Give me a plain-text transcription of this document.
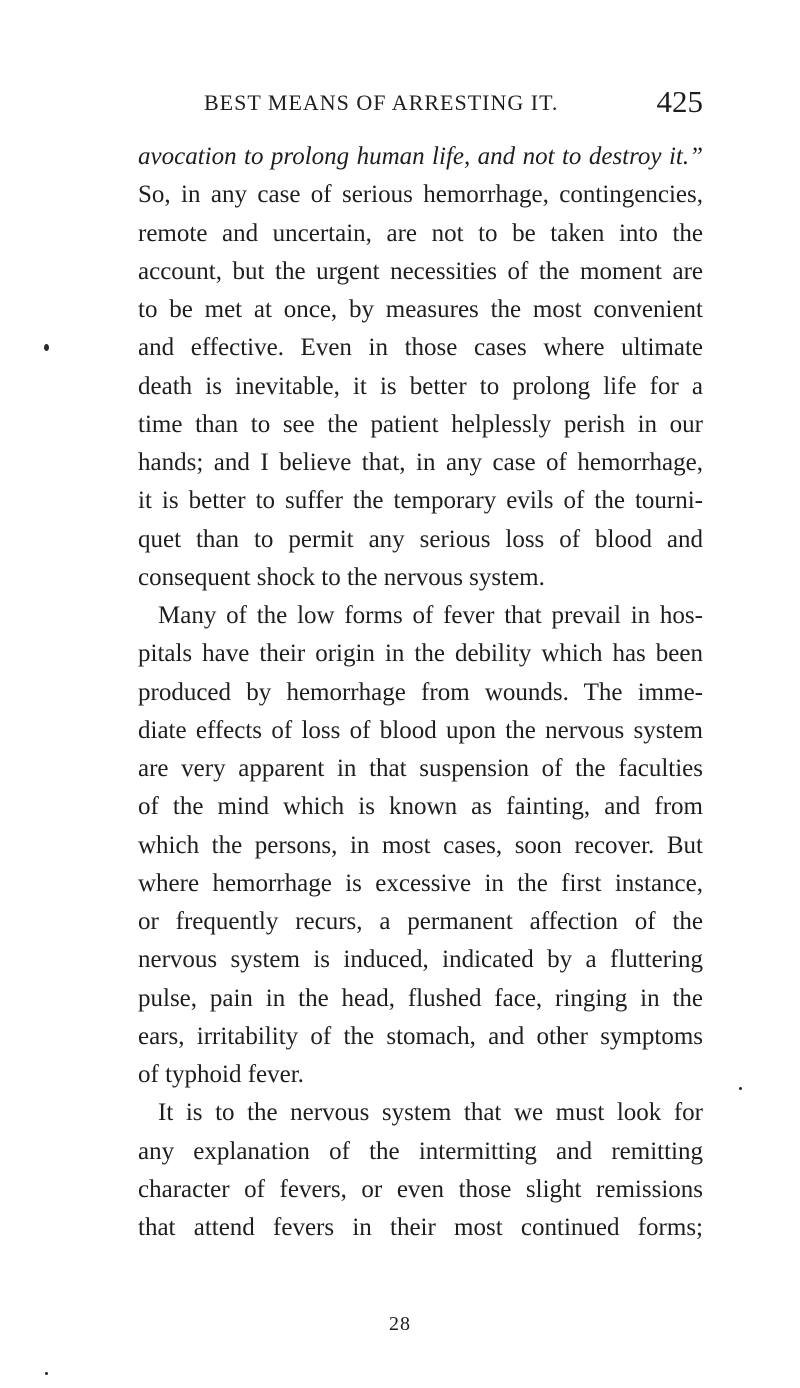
BEST MEANS OF ARRESTING IT.	425
avocation to prolong human life, and not to destroy it.”
So, in any case of serious hemorrhage, contingencies,
remote and uncertain, are not to be taken into the
account, but the urgent necessities of the moment are
to be met at once, by measures the most convenient
and effective. Even in those cases where ultimate
death is inevitable, it is better to prolong life for a
time than to see the patient helplessly perish in our
hands; and I believe that, in any case of hemorrhage,
it is better to suffer the temporary evils of the tourni-
quet than to permit any serious loss of blood and
consequent shock to the nervous system.
Many of the low forms of fever that prevail in hos-
pitals have their origin in the debility which has been
produced by hemorrhage from wounds. The imme-
diate effects of loss of blood upon the nervous system
are very apparent in that suspension of the faculties
of the mind which is known as fainting, and from
which the persons, in most cases, soon recover. But
where hemorrhage is excessive in the first instance,
or frequently recurs, a permanent affection of the
nervous system is induced, indicated by a fluttering
pulse, pain in the head, flushed face, ringing in the
ears, irritability of the stomach, and other symptoms
of typhoid fever.
It is to the nervous system that we must look for
any explanation of the intermitting and remitting
character of fevers, or even those slight remissions
that attend fevers in their most continued forms;
28
